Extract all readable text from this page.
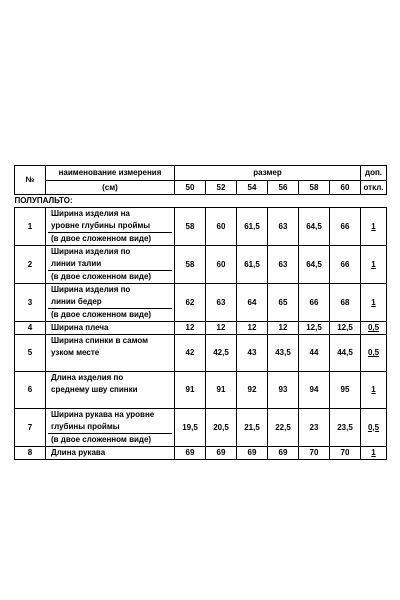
№	наименование измерения	размер						доп.
	(см)	50	52	54	56	58	60	откл.
ПОЛУПАЛЬТО:								
1	Ширина изделия на
уровне глубины проймы
(в двое сложенном виде)	58	60	61,5	63	64,5	66	1
2	Ширина изделия по
линии талии
(в двое сложенном виде)	58	60	61,5	63	64,5	66	1
3	Ширина изделия по
линии бедер
(в двое сложенном виде)	62	63	64	65	66	68	1
4	Ширина плеча	12	12	12	12	12,5	12,5	0,5
5	Ширина спинки в самом
узком месте	42	42,5	43	43,5	44	44,5	0,5
6	Длина изделия по
среднему шву спинки	91	91	92	93	94	95	1
7	Ширина рукава на уровне
глубины проймы
(в двое сложенном виде)	19,5	20,5	21,5	22,5	23	23,5	0,5
8	Длина рукава	69	69	69	69	70	70	1
